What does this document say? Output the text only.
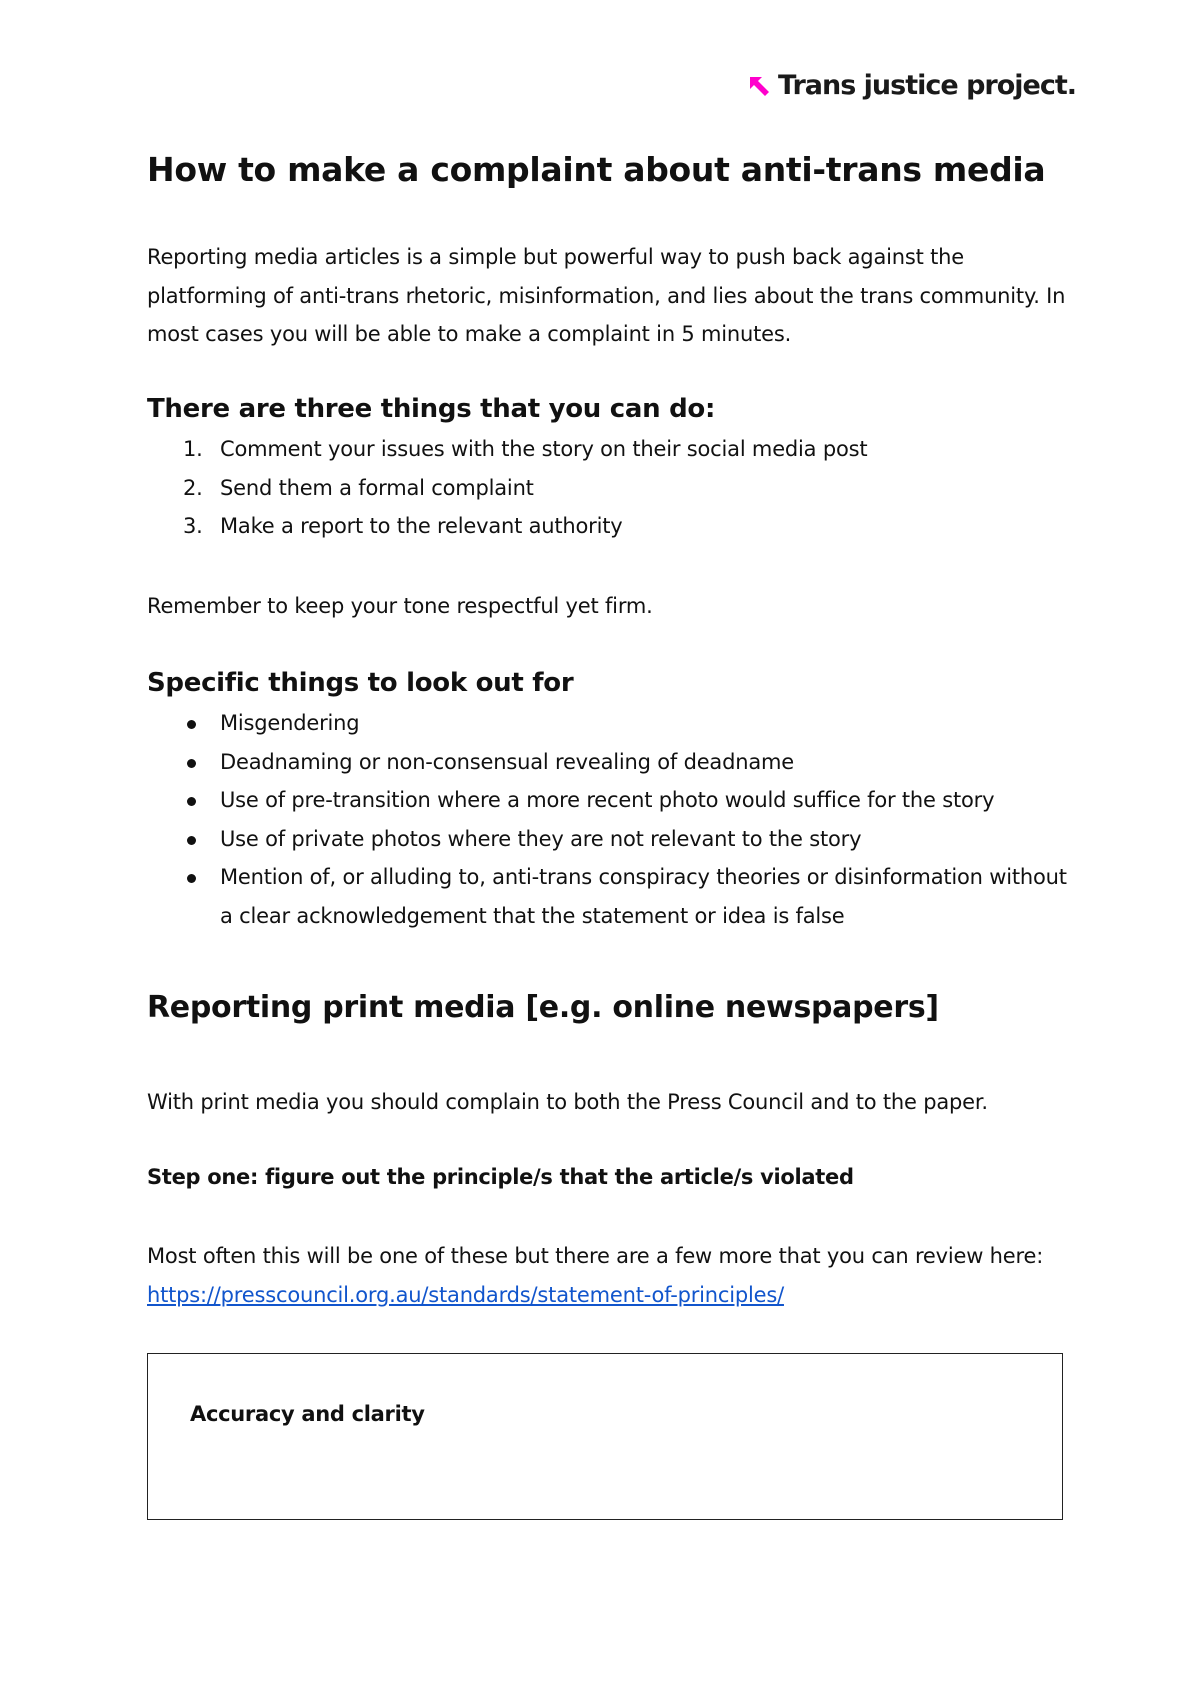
Trans justice project.
How to make a complaint about anti-trans media

Reporting media articles is a simple but powerful way to push back against the platforming of anti-trans rhetoric, misinformation, and lies about the trans community. In most cases you will be able to make a complaint in 5 minutes.

There are three things that you can do:

1. Comment your issues with the story on their social media post
2. Send them a formal complaint
3. Make a report to the relevant authority

Remember to keep your tone respectful yet firm.

Specific things to look out for

Misgendering
Deadnaming or non-consensual revealing of deadname
Use of pre-transition where a more recent photo would suffice for the story
Use of private photos where they are not relevant to the story
Mention of, or alluding to, anti-trans conspiracy theories or disinformation without a clear acknowledgement that the statement or idea is false

Reporting print media [e.g. online newspapers]

With print media you should complain to both the Press Council and to the paper.

Step one: figure out the principle/s that the article/s violated

Most often this will be one of these but there are a few more that you can review here: https://presscouncil.org.au/standards/statement-of-principles/

Accuracy and clarity
